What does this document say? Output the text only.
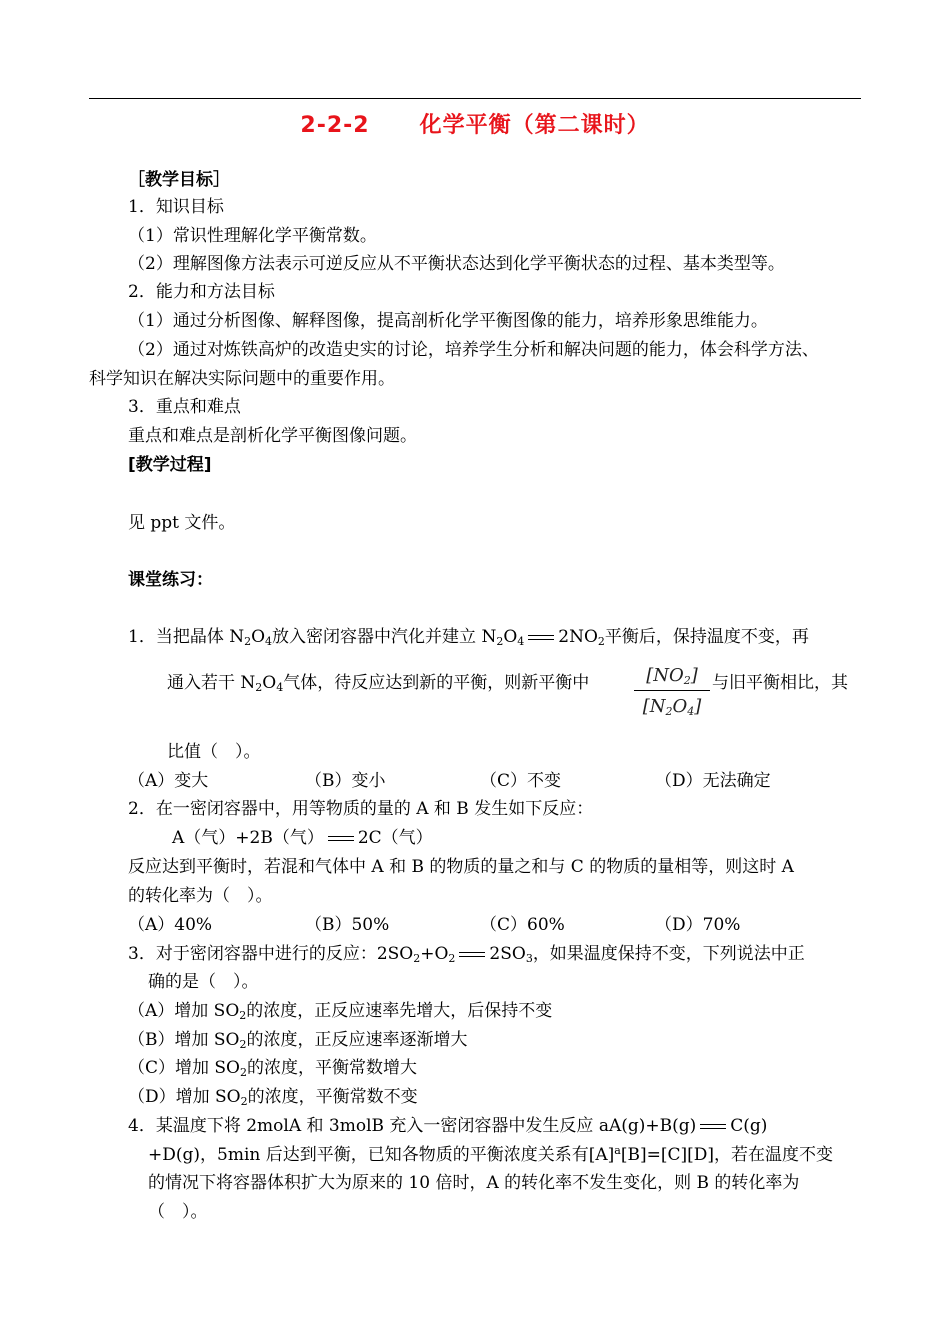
2-2-2 化学平衡（第二课时）
［教学目标］
1．知识目标
（1）常识性理解化学平衡常数。
（2）理解图像方法表示可逆反应从不平衡状态达到化学平衡状态的过程、基本类型等。
2．能力和方法目标
（1）通过分析图像、解释图像，提高剖析化学平衡图像的能力，培养形象思维能力。
（2）通过对炼铁高炉的改造史实的讨论，培养学生分析和解决问题的能力，体会科学方法、
科学知识在解决实际问题中的重要作用。
3．重点和难点
重点和难点是剖析化学平衡图像问题。
[教学过程]
见 ppt 文件。
课堂练习：
1．当把晶体 $N_2O_4$放入密闭容器中汽化并建立 $N_2O_4$ $2NO_2$平衡后，保持温度不变，再
通入若干 $N_2O_4$气体，待反应达到新的平衡，则新平衡中 $\frac{[NO_2]}{[N_2O_4]}$ 与旧平衡相比，其
比值（　）。
（A）变大	（B）变小	（C）不变	（D）无法确定
2．在一密闭容器中，用等物质的量的 A 和 B 发生如下反应：
A（气）+2B（气） 2C（气）
反应达到平衡时，若混和气体中 A 和 B 的物质的量之和与 C 的物质的量相等，则这时 A
的转化率为（　）。
（A）40%	（B）50%	（C）60%	（D）70%
3．对于密闭容器中进行的反应：$2SO_2+O_2$ $2SO_3$，如果温度保持不变，下列说法中正
确的是（　）。
（A）增加 $SO_2$的浓度，正反应速率先增大，后保持不变
（B）增加 $SO_2$的浓度，正反应速率逐渐增大
（C）增加 $SO_2$的浓度，平衡常数增大
（D）增加 $SO_2$的浓度，平衡常数不变
4．某温度下将 2molA 和 3molB 充入一密闭容器中发生反应 aA(g)+B(g) C(g)
+D(g)，5min 后达到平衡，已知各物质的平衡浓度关系有$[A]^a[B]=[C][D]$，若在温度不变
的情况下将容器体积扩大为原来的 10 倍时，A 的转化率不发生变化，则 B 的转化率为
（　）。
